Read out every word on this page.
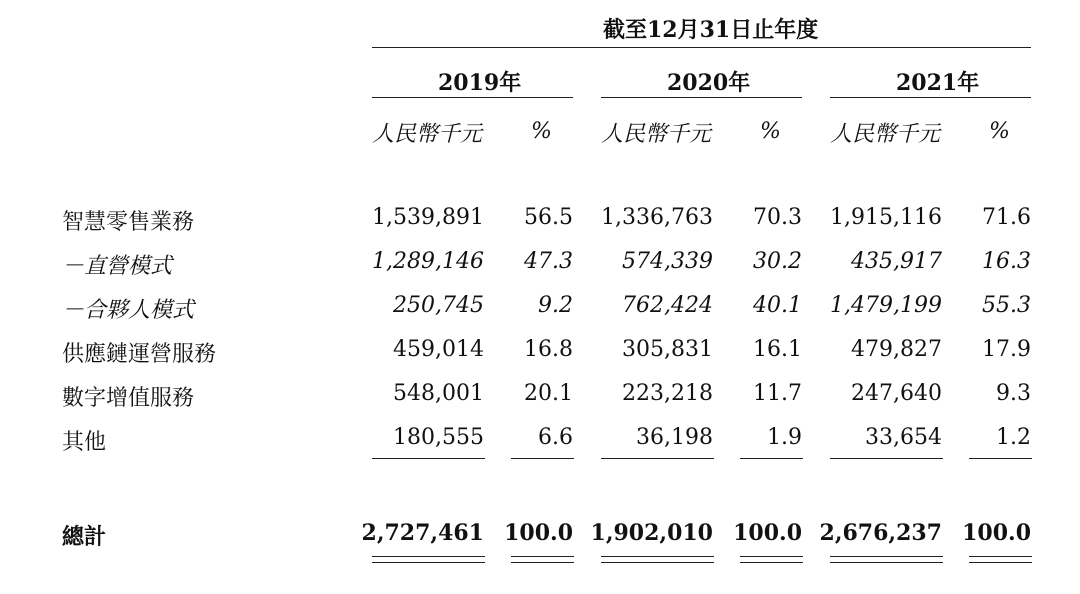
截至12月31日止年度
2019年	2020年	2021年
人民幣千元 % 人民幣千元 % 人民幣千元 %
智慧零售業務	1,539,891 56.5 1,336,763 70.3 1,915,116 71.6
－直營模式	1,289,146 47.3 574,339 30.2 435,917 16.3
－合夥人模式	250,745 9.2 762,424 40.1 1,479,199 55.3
供應鏈運營服務	459,014 16.8 305,831 16.1 479,827 17.9
數字增值服務	548,001 20.1 223,218 11.7 247,640 9.3
其他	180,555 6.6	36,198 1.9	33,654 1.2
總計	2,727,461 100.0 1,902,010 100.0 2,676,237 100.0
